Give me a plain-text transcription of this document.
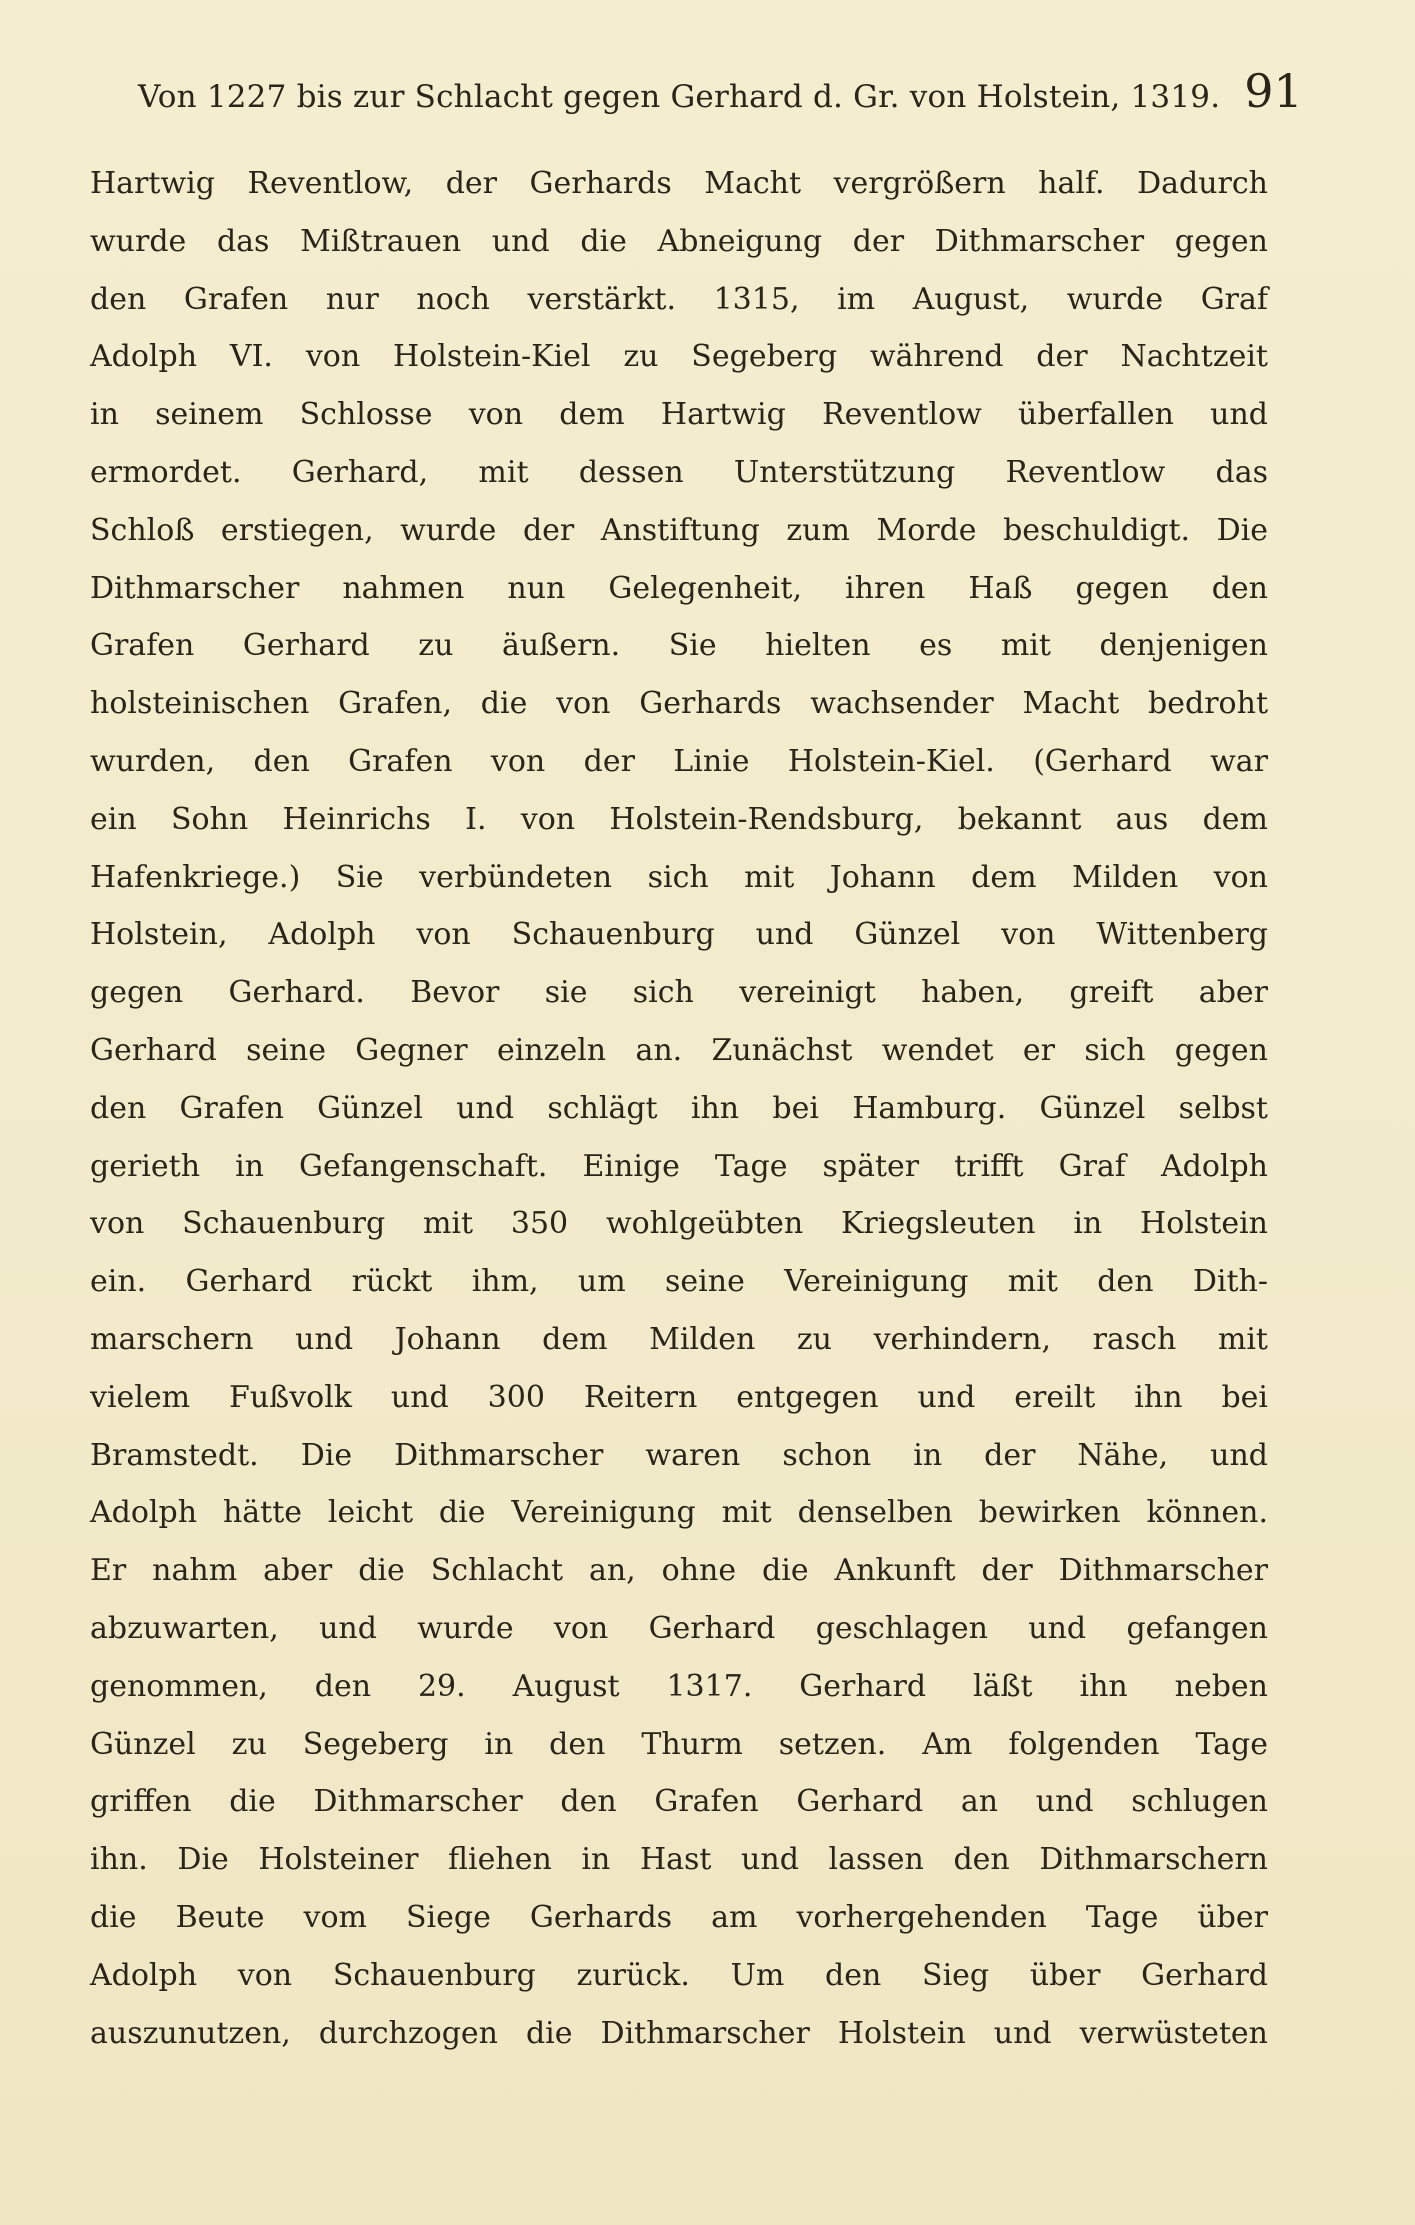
Von 1227 bis zur Schlacht gegen Gerhard d. Gr. von Holstein, 1319. 91
Hartwig Reventlow, der Gerhards Macht vergrößern half. Dadurch
wurde das Mißtrauen und die Abneigung der Dithmarscher gegen
den Grafen nur noch verstärkt. 1315, im August, wurde Graf
Adolph VI. von Holstein-Kiel zu Segeberg während der Nachtzeit
in seinem Schlosse von dem Hartwig Reventlow überfallen und
ermordet. Gerhard, mit dessen Unterstützung Reventlow das
Schloß erstiegen, wurde der Anstiftung zum Morde beschuldigt. Die
Dithmarscher nahmen nun Gelegenheit, ihren Haß gegen den
Grafen Gerhard zu äußern. Sie hielten es mit denjenigen
holsteinischen Grafen, die von Gerhards wachsender Macht bedroht
wurden, den Grafen von der Linie Holstein-Kiel. (Gerhard war
ein Sohn Heinrichs I. von Holstein-Rendsburg, bekannt aus dem
Hafenkriege.) Sie verbündeten sich mit Johann dem Milden von
Holstein, Adolph von Schauenburg und Günzel von Wittenberg
gegen Gerhard. Bevor sie sich vereinigt haben, greift aber
Gerhard seine Gegner einzeln an. Zunächst wendet er sich gegen
den Grafen Günzel und schlägt ihn bei Hamburg. Günzel selbst
gerieth in Gefangenschaft. Einige Tage später trifft Graf Adolph
von Schauenburg mit 350 wohlgeübten Kriegsleuten in Holstein
ein. Gerhard rückt ihm, um seine Vereinigung mit den Dith-
marschern und Johann dem Milden zu verhindern, rasch mit
vielem Fußvolk und 300 Reitern entgegen und ereilt ihn bei
Bramstedt. Die Dithmarscher waren schon in der Nähe, und
Adolph hätte leicht die Vereinigung mit denselben bewirken können.
Er nahm aber die Schlacht an, ohne die Ankunft der Dithmarscher
abzuwarten, und wurde von Gerhard geschlagen und gefangen
genommen, den 29. August 1317. Gerhard läßt ihn neben
Günzel zu Segeberg in den Thurm setzen. Am folgenden Tage
griffen die Dithmarscher den Grafen Gerhard an und schlugen
ihn. Die Holsteiner fliehen in Hast und lassen den Dithmarschern
die Beute vom Siege Gerhards am vorhergehenden Tage über
Adolph von Schauenburg zurück. Um den Sieg über Gerhard
auszunutzen, durchzogen die Dithmarscher Holstein und verwüsteten
